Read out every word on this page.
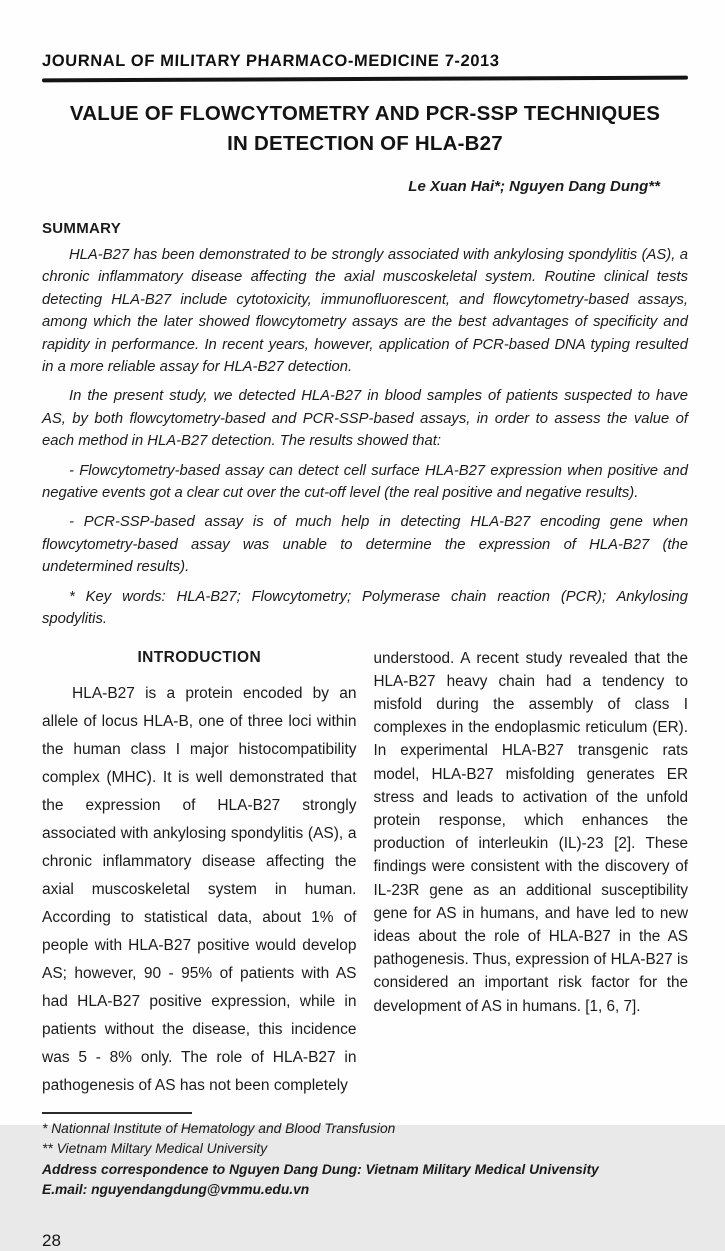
JOURNAL OF MILITARY PHARMACO-MEDICINE 7-2013
VALUE OF FLOWCYTOMETRY AND PCR-SSP TECHNIQUES
IN DETECTION OF HLA-B27
Le Xuan Hai*; Nguyen Dang Dung**
SUMMARY

HLA-B27 has been demonstrated to be strongly associated with ankylosing spondylitis (AS), a chronic inflammatory disease affecting the axial muscoskeletal system. Routine clinical tests detecting HLA-B27 include cytotoxicity, immunofluorescent, and flowcytometry-based assays, among which the later showed flowcytometry assays are the best advantages of specificity and rapidity in performance. In recent years, however, application of PCR-based DNA typing resulted in a more reliable assay for HLA-B27 detection.

In the present study, we detected HLA-B27 in blood samples of patients suspected to have AS, by both flowcytometry-based and PCR-SSP-based assays, in order to assess the value of each method in HLA-B27 detection. The results showed that:

- Flowcytometry-based assay can detect cell surface HLA-B27 expression when positive and negative events got a clear cut over the cut-off level (the real positive and negative results).

- PCR-SSP-based assay is of much help in detecting HLA-B27 encoding gene when flowcytometry-based assay was unable to determine the expression of HLA-B27 (the undetermined results).

* Key words: HLA-B27; Flowcytometry; Polymerase chain reaction (PCR); Ankylosing spodylitis.

INTRODUCTION
HLA-B27 is a protein encoded by an allele of locus HLA-B, one of three loci within the human class I major histocompatibility complex (MHC). It is well demonstrated that the expression of HLA-B27 strongly associated with ankylosing spondylitis (AS), a chronic inflammatory disease affecting the axial muscoskeletal system in human. According to statistical data, about 1% of people with HLA-B27 positive would develop AS; however, 90 - 95% of patients with AS had HLA-B27 positive expression, while in patients without the disease, this incidence was 5 - 8% only. The role of HLA-B27 in pathogenesis of AS has not been completely
understood. A recent study revealed that the HLA-B27 heavy chain had a tendency to misfold during the assembly of class I complexes in the endoplasmic reticulum (ER). In experimental HLA-B27 transgenic rats model, HLA-B27 misfolding generates ER stress and leads to activation of the unfold protein response, which enhances the production of interleukin (IL)-23 [2]. These findings were consistent with the discovery of IL-23R gene as an additional susceptibility gene for AS in humans, and have led to new ideas about the role of HLA-B27 in the AS pathogenesis. Thus, expression of HLA-B27 is considered an important risk factor for the development of AS in humans. [1, 6, 7].
* Nationnal Institute of Hematology and Blood Transfusion
** Vietnam Miltary Medical University
Address correspondence to Nguyen Dang Dung: Vietnam Military Medical Univensity
E.mail: nguyendangdung@vmmu.edu.vn
28
